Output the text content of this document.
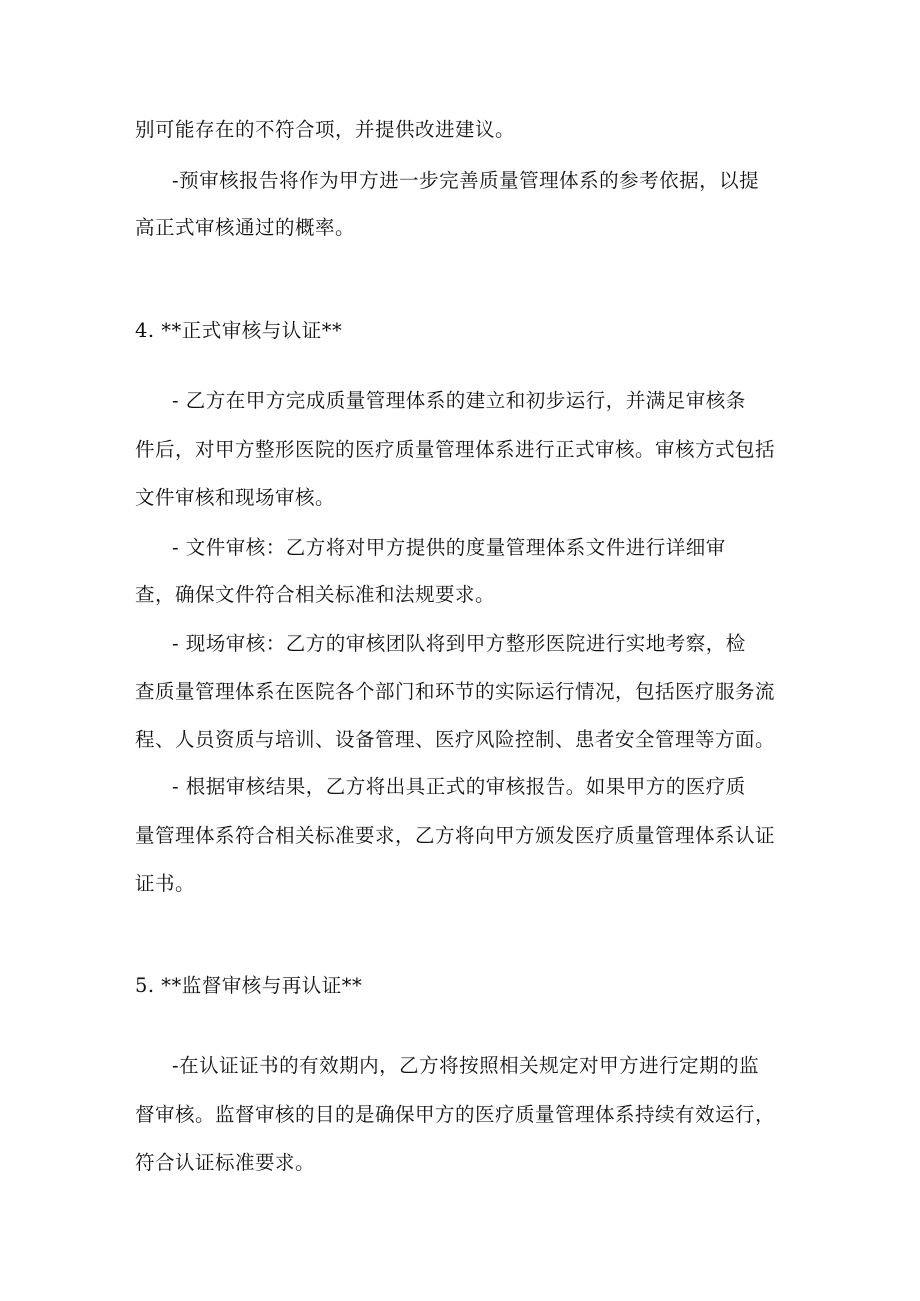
别可能存在的不符合项，并提供改进建议。
-预审核报告将作为甲方进一步完善质量管理体系的参考依据，以提
高正式审核通过的概率。
4. **正式审核与认证**
- 乙方在甲方完成质量管理体系的建立和初步运行，并满足审核条
件后，对甲方整形医院的医疗质量管理体系进行正式审核。审核方式包括
文件审核和现场审核。
- 文件审核：乙方将对甲方提供的度量管理体系文件进行详细审
查，确保文件符合相关标准和法规要求。
- 现场审核：乙方的审核团队将到甲方整形医院进行实地考察，检
查质量管理体系在医院各个部门和环节的实际运行情况，包括医疗服务流
程、人员资质与培训、设备管理、医疗风险控制、患者安全管理等方面。
- 根据审核结果，乙方将出具正式的审核报告。如果甲方的医疗质
量管理体系符合相关标准要求，乙方将向甲方颁发医疗质量管理体系认证
证书。
5. **监督审核与再认证**
-在认证证书的有效期内，乙方将按照相关规定对甲方进行定期的监
督审核。监督审核的目的是确保甲方的医疗质量管理体系持续有效运行，
符合认证标准要求。
